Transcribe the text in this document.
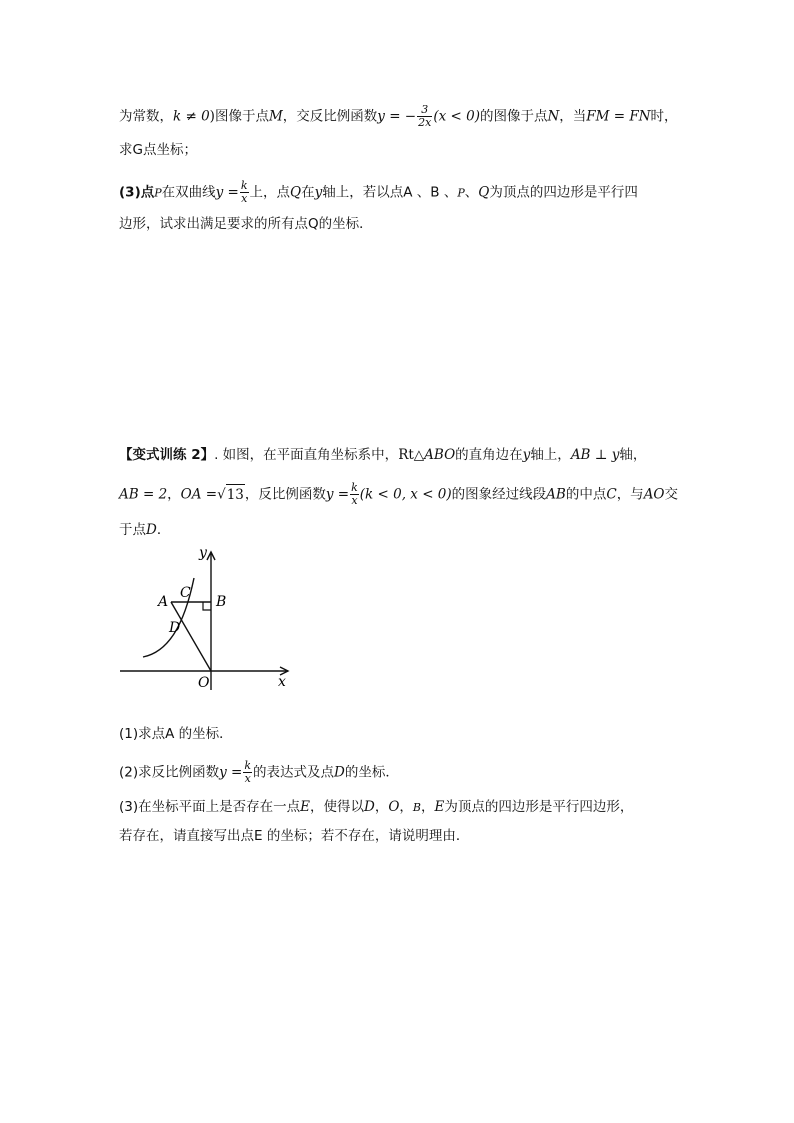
为常数，k ≠ 0)图像于点M，交反比例函数y = − $\frac{3}{2x} (x < 0)$的图像于点N，当FM = FN时，
求G点坐标；
(3)点P在双曲线$y = \frac{k}{x}$ 上，点Q在y轴上，若以点A 、B 、P、Q为顶点的四边形是平行四
边形，试求出满足要求的所有点Q的坐标．
【变式训练 2】. 如图，在平面直角坐标系中，Rt△ABO的直角边在y轴上，AB ⊥ y轴，
AB = 2，OA =√13，反比例函数$y = \frac{k}{x} (k < 0$, x < 0)的图象经过线段AB的中点C，与AO交
于点D．
y
x
O
A	B
C
D
(1)求点A 的坐标．
(2)求反比例函数$y = \frac{k}{x}$ 的表达式及点D的坐标．
(3)在坐标平面上是否存在一点E，使得以D，O，B，E为顶点的四边形是平行四边形，
若存在，请直接写出点E 的坐标；若不存在，请说明理由．
